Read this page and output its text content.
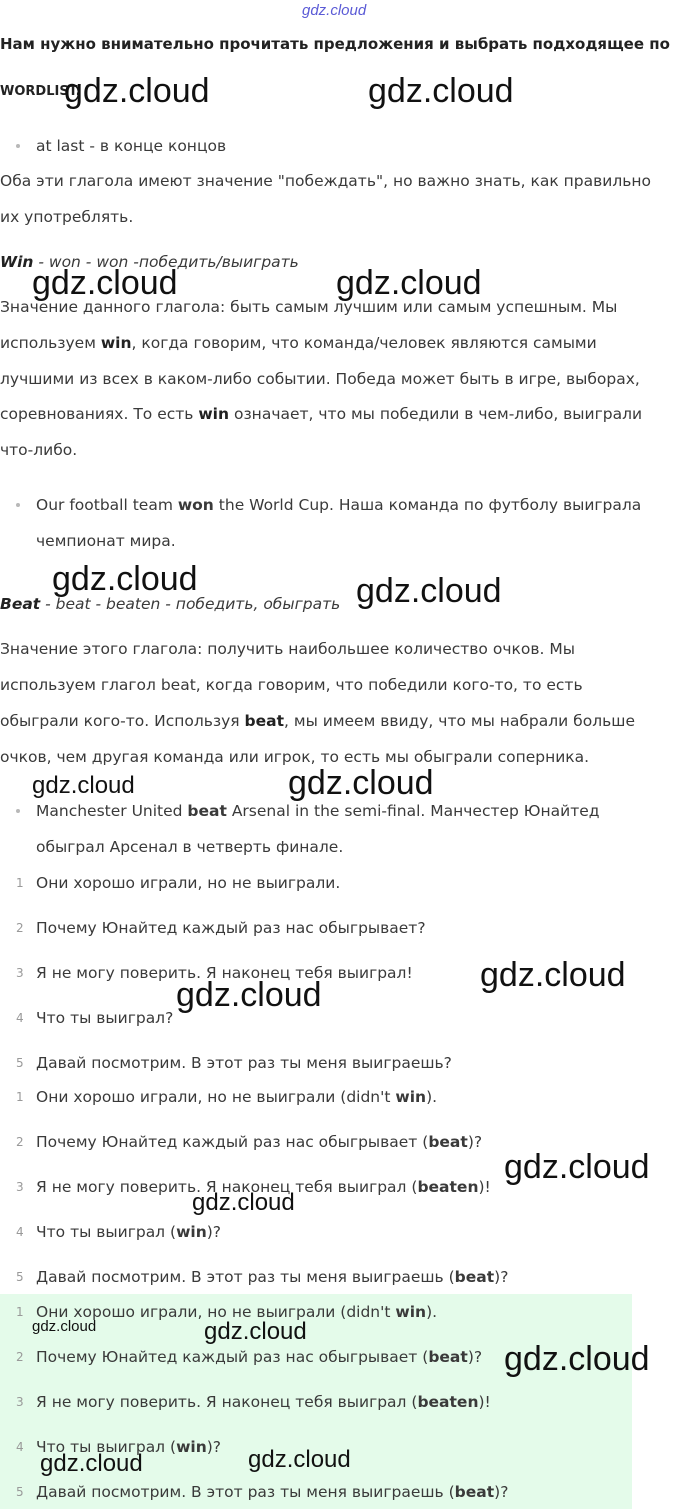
gdz.cloud
Нам нужно внимательно прочитать предложения и выбрать подходящее по
WORDLIST.
at last - в конце концов
Оба эти глагола имеют значение "побеждать", но важно знать, как правильно
их употреблять.
Win - won - won -победить/выиграть
Значение данного глагола: быть самым лучшим или самым успешным. Мы
используем win, когда говорим, что команда/человек являются самыми
лучшими из всех в каком-либо событии. Победа может быть в игре, выборах,
соревнованиях. То есть win означает, что мы победили в чем-либо, выиграли
что-либо.
Our football team won the World Cup. Наша команда по футболу выиграла
чемпионат мира.
Beat - beat - beaten - победить, обыграть
Значение этого глагола: получить наибольшее количество очков. Мы
используем глагол beat, когда говорим, что победили кого-то, то есть
обыграли кого-то. Используя beat, мы имеем ввиду, что мы набрали больше
очков, чем другая команда или игрок, то есть мы обыграли соперника.
Manchester United beat Arsenal in the semi-final. Манчестер Юнайтед
обыграл Арсенал в четверть финале.
1 Они хорошо играли, но не выиграли.
2 Почему Юнайтед каждый раз нас обыгрывает?
3 Я не могу поверить. Я наконец тебя выиграл!
4 Что ты выиграл?
5 Давай посмотрим. В этот раз ты меня выиграешь?
1 Они хорошо играли, но не выиграли (didn't win).
2 Почему Юнайтед каждый раз нас обыгрывает (beat)?
3 Я не могу поверить. Я наконец тебя выиграл (beaten)!
4 Что ты выиграл (win)?
5 Давай посмотрим. В этот раз ты меня выиграешь (beat)?
1 Они хорошо играли, но не выиграли (didn't win).
2 Почему Юнайтед каждый раз нас обыгрывает (beat)?
3 Я не могу поверить. Я наконец тебя выиграл (beaten)!
4 Что ты выиграл (win)?
5 Давай посмотрим. В этот раз ты меня выиграешь (beat)?
gdz.cloud	gdz.cloud
gdz.cloud	gdz.cloud
gdz.cloud	gdz.cloud
gdz.cloud	gdz.cloud
gdz.cloud
gdz.cloud
gdz.cloud
gdz.cloud
gdz.cloud	gdz.cloud
gdz.cloud
gdz.cloud	gdz.cloud
